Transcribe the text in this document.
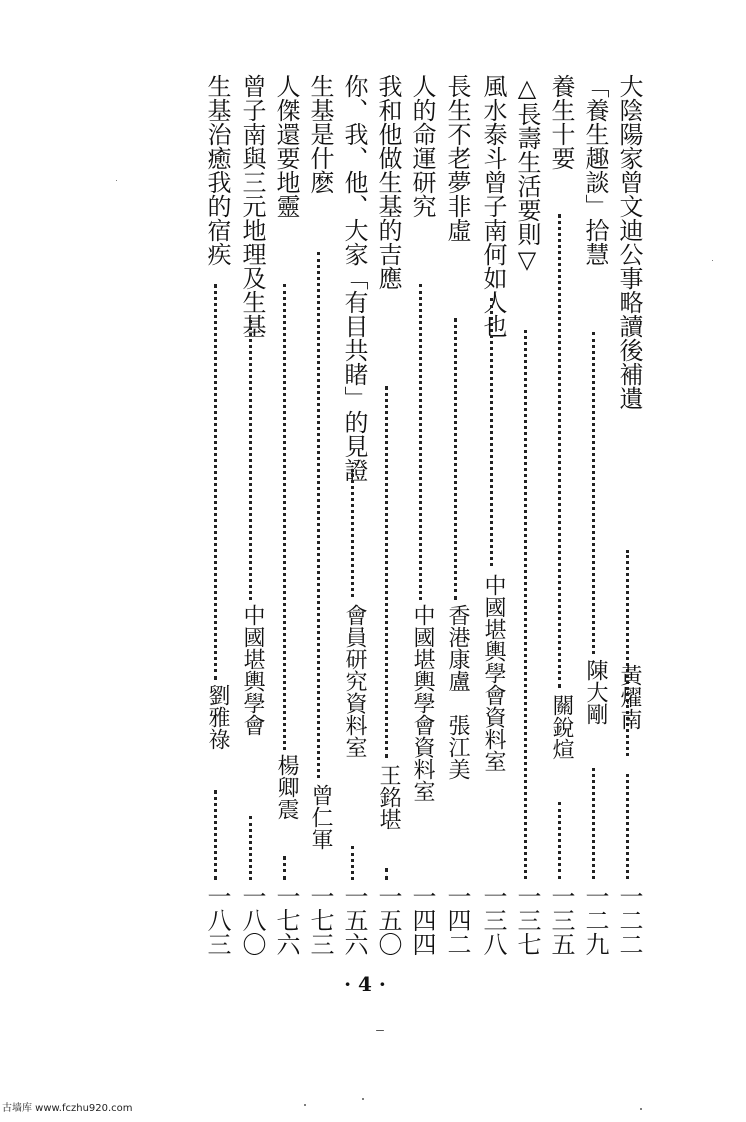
大陰陽家曾文迪公事略讀後補遺
黃燿南
一二二
「養生趣談」拾慧
陳大剛
一二九
養生十要
關銳煊
一三五
△長壽生活要則▽
一三七
風水泰斗曾子南何如人也
中國堪輿學會資料室
一三八
長生不老夢非虛
香港康盧　張江美
一四二
人的命運研究
中國堪輿學會資料室
一四四
我和他做生基的吉應
王銘堪
一五〇
你、我、他、大家「有目共睹」的見證
會員研究資料室
一五六
生基是什麽
曾仁軍
一七三
人傑還要地靈
楊卿震
一七六
曾子南與三元地理及生基
中國堪輿學會
一八〇
生基治癒我的宿疾
劉雅祿
一八三
· 4 ·
古墙库 www.fczhu920.com
